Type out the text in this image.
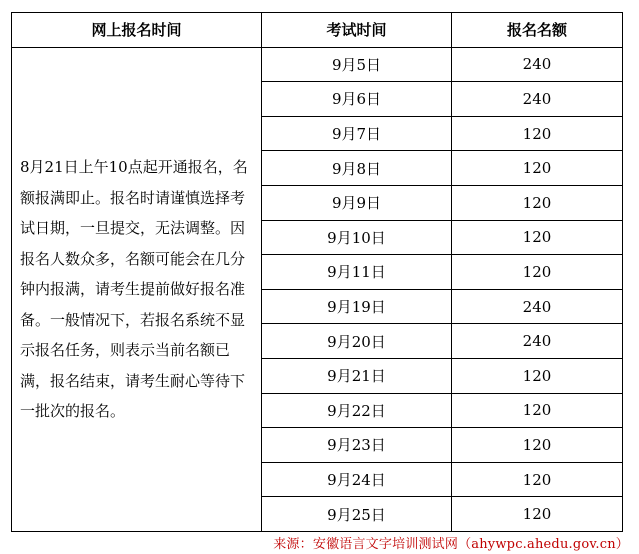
网上报名时间	考试时间	报名名额
8月21日上午10点起开通报名，名额报满即止。报名时请谨慎选择考试日期，一旦提交，无法调整。因报名人数众多，名额可能会在几分钟内报满，请考生提前做好报名准备。一般情况下，若报名系统不显示报名任务，则表示当前名额已满，报名结束，请考生耐心等待下一批次的报名。	9月5日	240
	9月6日	240
	9月7日	120
	9月8日	120
	9月9日	120
	9月10日	120
	9月11日	120
	9月19日	240
	9月20日	240
	9月21日	120
	9月22日	120
	9月23日	120
	9月24日	120
	9月25日	120
来源：安徽语言文字培训测试网（ahywpc.ahedu.gov.cn）
